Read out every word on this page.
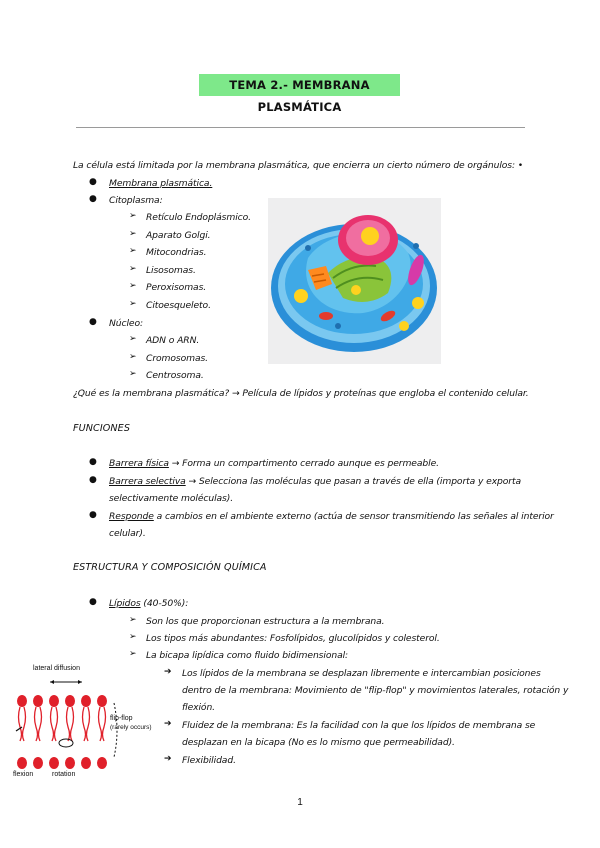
TEMA 2.- MEMBRANA PLASMÁTICA
La célula está limitada por la membrana plasmática, que encierra un cierto número de orgánulos: •
● Membrana plasmática.
● Citoplasma:
➢ Retículo Endoplásmico.
➢ Aparato Golgi.
➢ Mitocondrias.
➢ Lisosomas.
➢ Peroxisomas.
➢ Citoesqueleto.
● Núcleo:
➢ ADN o ARN.
➢ Cromosomas.
➢ Centrosoma.
¿Qué es la membrana plasmática? → Película de lípidos y proteínas que engloba el contenido celular.
FUNCIONES
● Barrera física → Forma un compartimento cerrado aunque es permeable.
● Barrera selectiva → Selecciona las moléculas que pasan a través de ella (importa y exporta
selectivamente moléculas).
● Responde a cambios en el ambiente externo (actúa de sensor transmitiendo las señales al interior
celular).
ESTRUCTURA Y COMPOSICIÓN QUÍMICA
● Lípidos (40-50%):
➢ Son los que proporcionan estructura a la membrana.
➢ Los tipos más abundantes: Fosfolípidos, glucolípidos y colesterol.
➢ La bicapa lipídica como fluido bidimensional:
➔ Los lípidos de la membrana se desplazan libremente e intercambian posiciones
dentro de la membrana: Movimiento de "flip-flop" y movimientos laterales, rotación y
flexión.
➔ Fluidez de la membrana: Es la facilidad con la que los lípidos de membrana se
desplazan en la bicapa (No es lo mismo que permeabilidad).
➔ Flexibilidad.
lateral diffusion
flip-flop
(rarely occurs)
flexion	rotation
1
